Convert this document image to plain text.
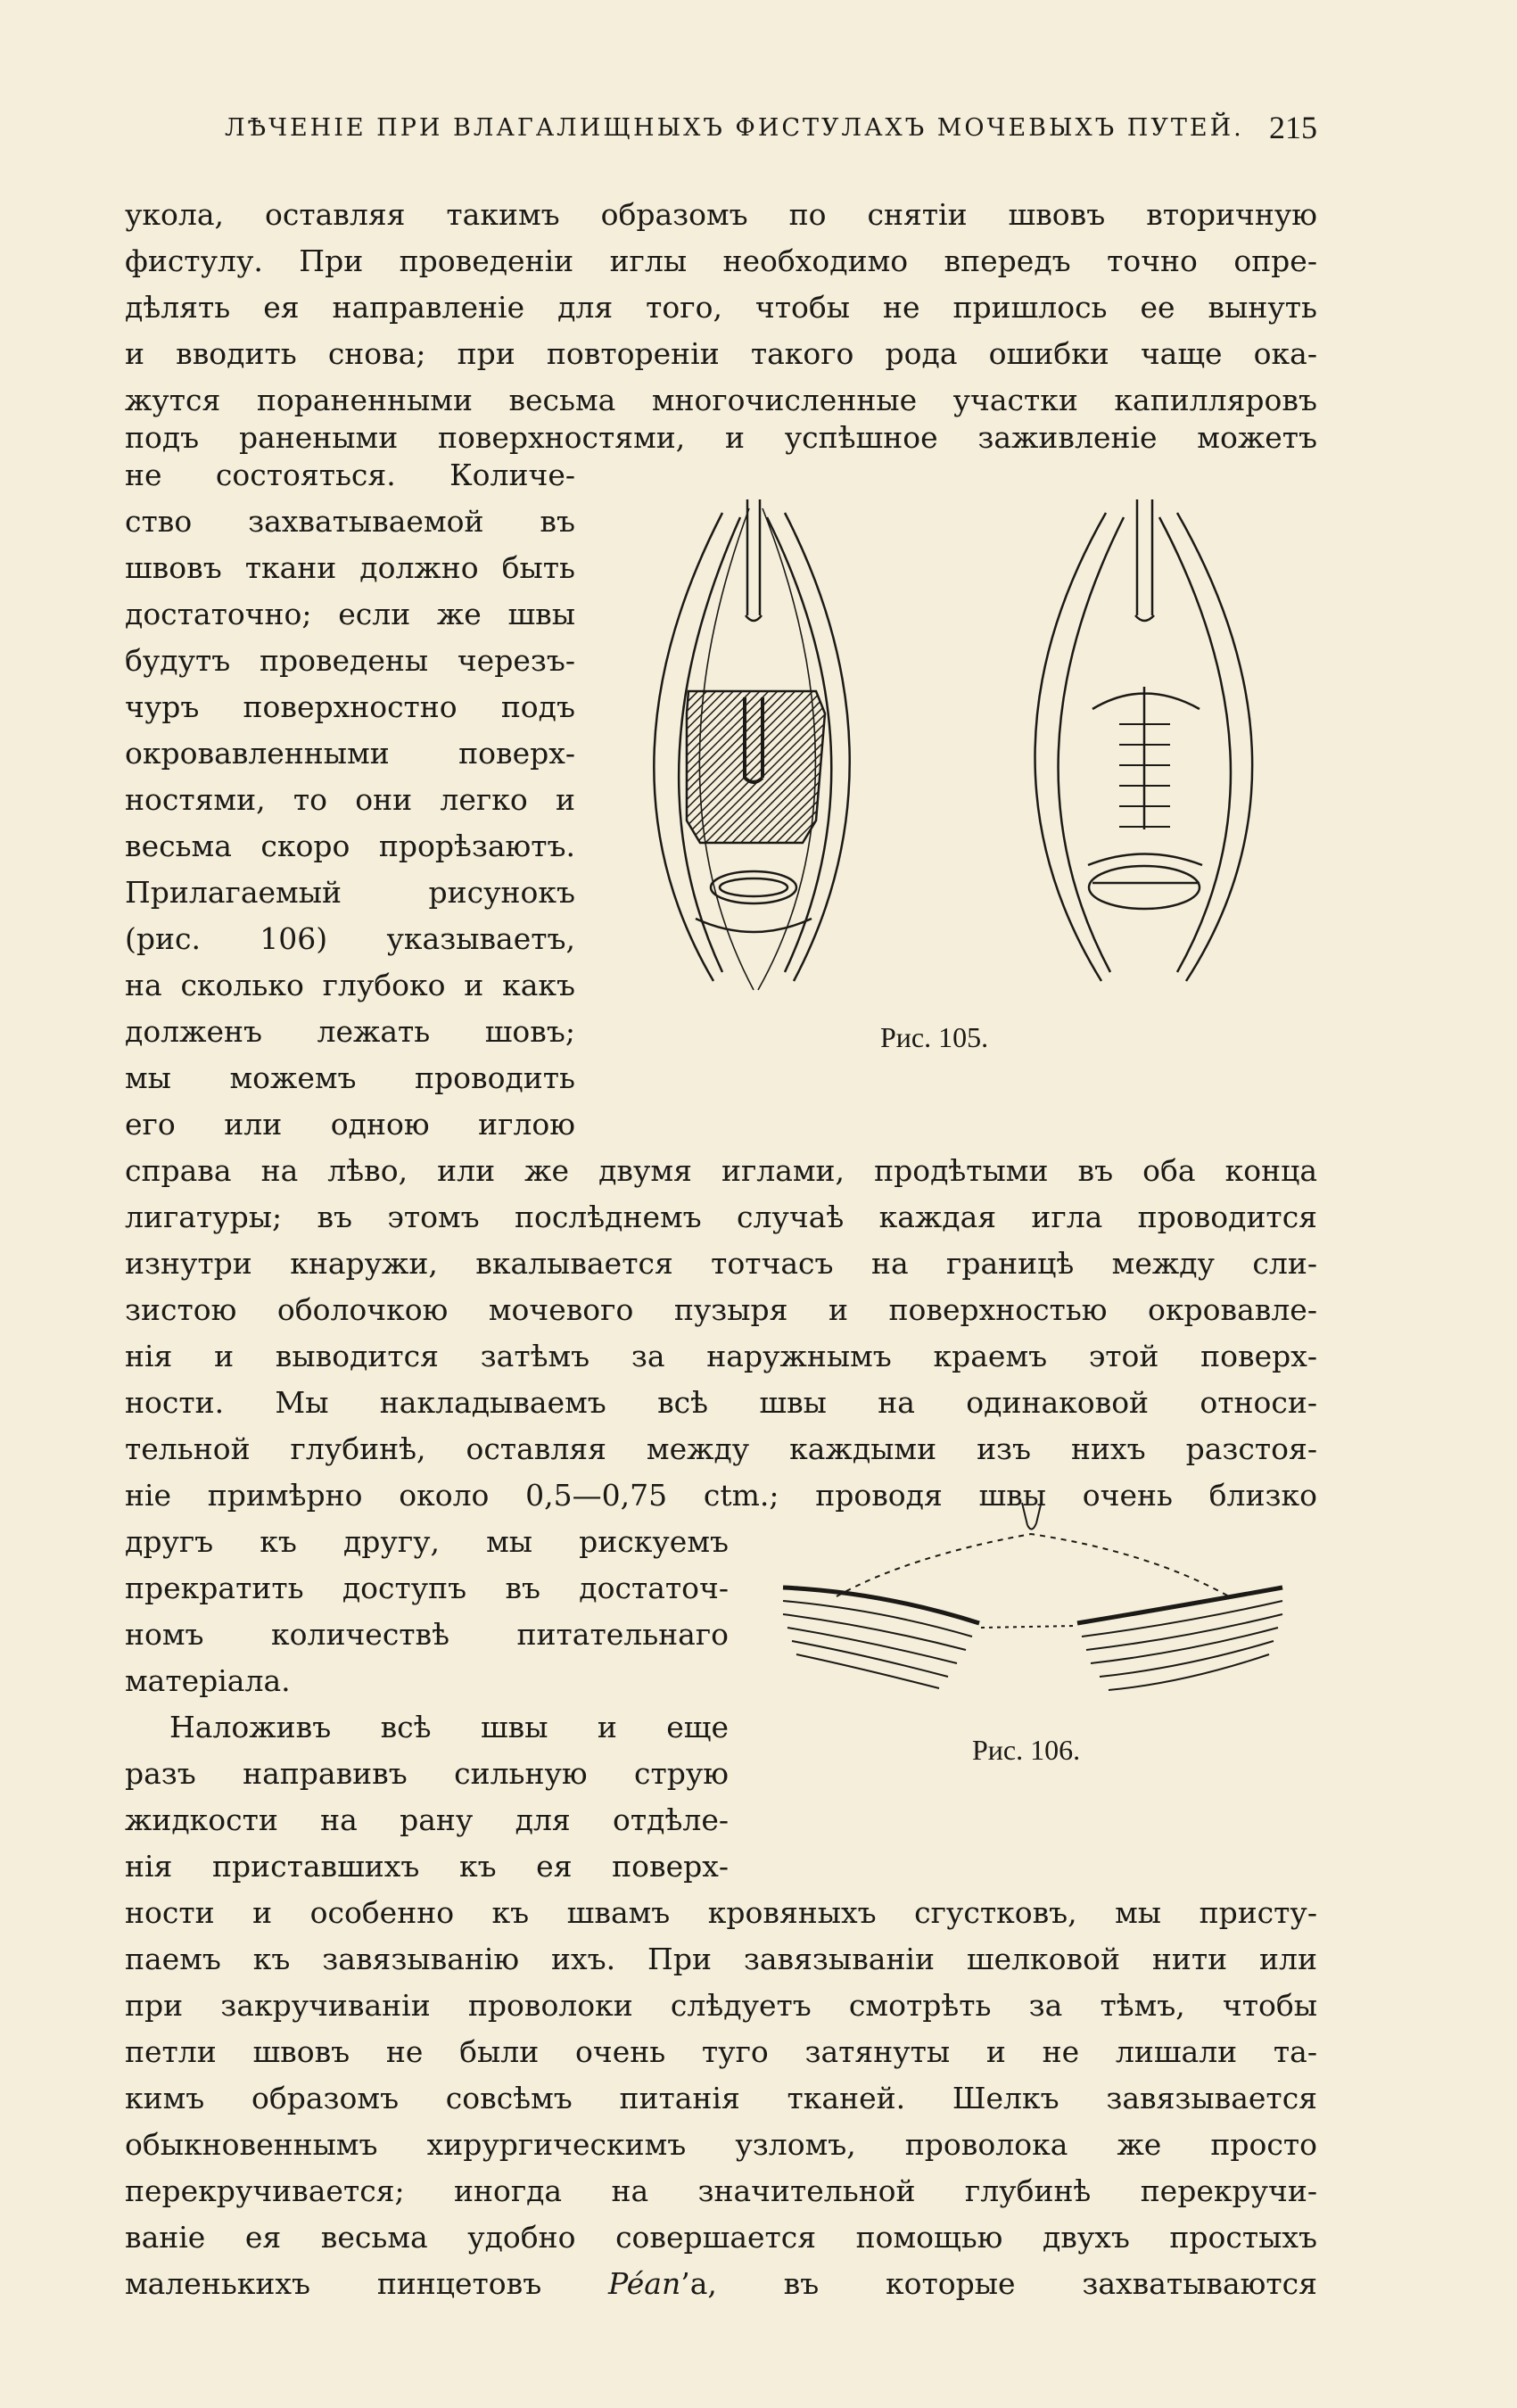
ЛѢЧЕНІЕ ПРИ ВЛАГАЛИЩНЫХЪ ФИСТУЛАХЪ МОЧЕВЫХЪ ПУТЕЙ. 215
укола, оставляя такимъ образомъ по снятіи швовъ вторичную
фистулу. При проведеніи иглы необходимо впередъ точно опре-
дѣлять ея направленіе для того, чтобы не пришлось ее вынуть
и вводить снова; при повтореніи такого рода ошибки чаще ока-
жутся пораненными весьма многочисленные участки капилляровъ
подъ ранеными поверхностями, и успѣшное заживленіе можетъ
не состояться. Количе-
ство захватываемой въ
швовъ ткани должно быть
достаточно; если же швы
будутъ проведены черезъ-
чуръ поверхностно подъ
окровавленными поверх-
ностями, то они легко и
весьма скоро прорѣзаютъ.
Прилагаемый рисунокъ
(рис. 106) указываетъ,
на сколько глубоко и какъ
долженъ лежать шовъ;
мы можемъ проводить
его или одною иглою
справа на лѣво, или же двумя иглами, продѣтыми въ оба конца
лигатуры; въ этомъ послѣднемъ случаѣ каждая игла проводится
изнутри кнаружи, вкалывается тотчасъ на границѣ между сли-
зистою оболочкою мочевого пузыря и поверхностью окровавле-
нія и выводится затѣмъ за наружнымъ краемъ этой поверх-
ности. Мы накладываемъ всѣ швы на одинаковой относи-
тельной глубинѣ, оставляя между каждыми изъ нихъ разстоя-
ніе примѣрно около 0,5—0,75 ctm.; проводя швы очень близко
другъ къ другу, мы рискуемъ
прекратить доступъ въ достаточ-
номъ количествѣ питательнаго
матеріала.
Наложивъ всѣ швы и еще
разъ направивъ сильную струю
жидкости на рану для отдѣле-
нія приставшихъ къ ея поверх-
ности и особенно къ швамъ кровяныхъ сгустковъ, мы присту-
паемъ къ завязыванію ихъ. При завязываніи шелковой нити или
при закручиваніи проволоки слѣдуетъ смотрѣть за тѣмъ, чтобы
петли швовъ не были очень туго затянуты и не лишали та-
кимъ образомъ совсѣмъ питанія тканей. Шелкъ завязывается
обыкновеннымъ хирургическимъ узломъ, проволока же просто
перекручивается; иногда на значительной глубинѣ перекручи-
ваніе ея весьма удобно совершается помощью двухъ простыхъ
маленькихъ пинцетовъ Péan’а, въ которые захватываются
Рис. 105.
Рис. 106.
